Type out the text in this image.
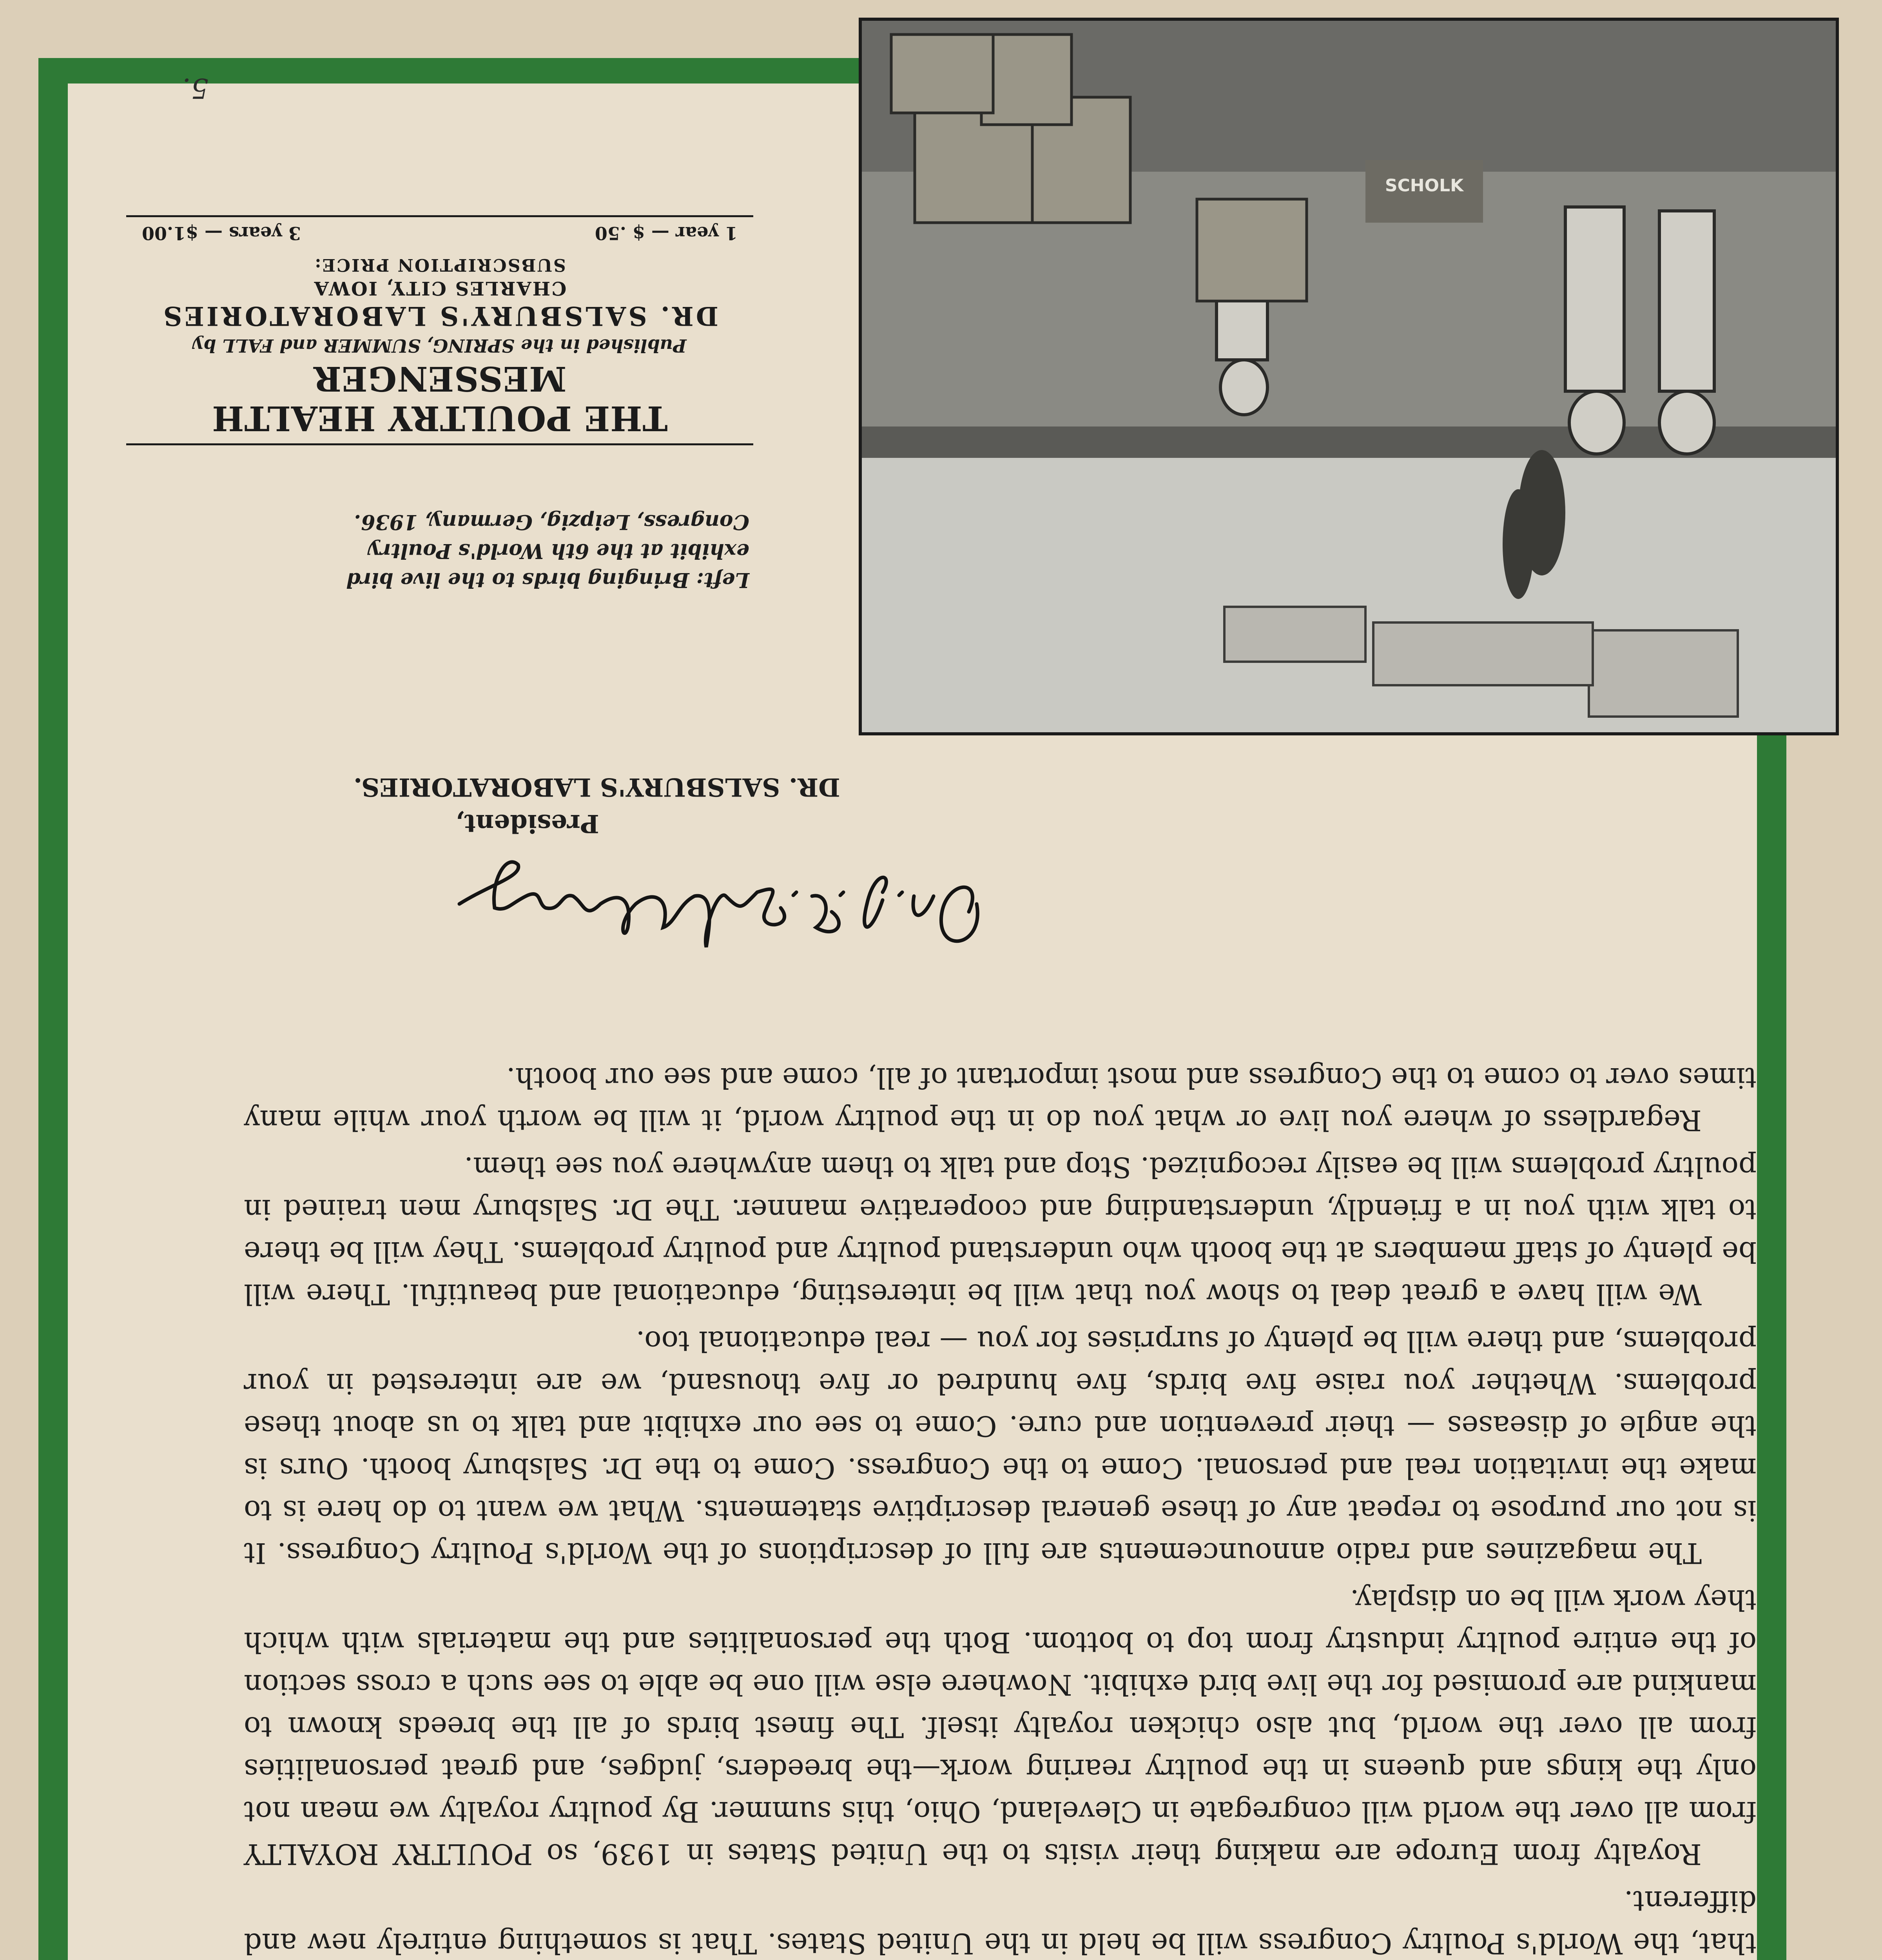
that, the World's Poultry Congress will be held in the United States. That is something entirely new and different.

Royalty from Europe are making their visits to the United States in 1939, so POULTRY ROYALTY from all over the world will congregate in Cleveland, Ohio, this summer. By poultry royalty we mean not only the kings and queens in the poultry rearing work—the breeders, judges, and great personalities from all over the world, but also chicken royalty itself. The finest birds of all the breeds known to mankind are promised for the live bird exhibit. Nowhere else will one be able to see such a cross section of the entire poultry industry from top to bottom. Both the personalities and the materials with which they work will be on display.

The magazines and radio announcements are full of descriptions of the World's Poultry Congress. It is not our purpose to repeat any of these general descriptive statements. What we want to do here is to make the invitation real and personal. Come to the Congress. Come to the Dr. Salsbury booth. Ours is the angle of diseases — their prevention and cure. Come to see our exhibit and talk to us about these problems. Whether you raise five birds, five hundred or five thousand, we are interested in your problems, and there will be plenty of surprises for you — real educational too.

We will have a great deal to show you that will be interesting, educational and beautiful. There will be plenty of staff members at the booth who understand poultry and poultry problems. They will be there to talk with you in a friendly, understanding and cooperative manner. The Dr. Salsbury men trained in poultry problems will be easily recognized. Stop and talk to them anywhere you see them.

Regardless of where you live or what you do in the poultry world, it will be worth your while many times over to come to the Congress and most important of all, come and see our booth.

President,
DR. SALSBURY'S LABORATORIES.
SCHOLK
Left: Bringing birds to the live bird exhibit at the 6th World's Poultry Congress, Leipzig, Germany, 1936.
THE POULTRY HEALTH MESSENGER
Published in the SPRING, SUMMER and FALL by
DR. SALSBURY'S LABORATORIES
CHARLES CITY, IOWA
SUBSCRIPTION PRICE:
1 year — $ .50
3 years — $1.00
5.
